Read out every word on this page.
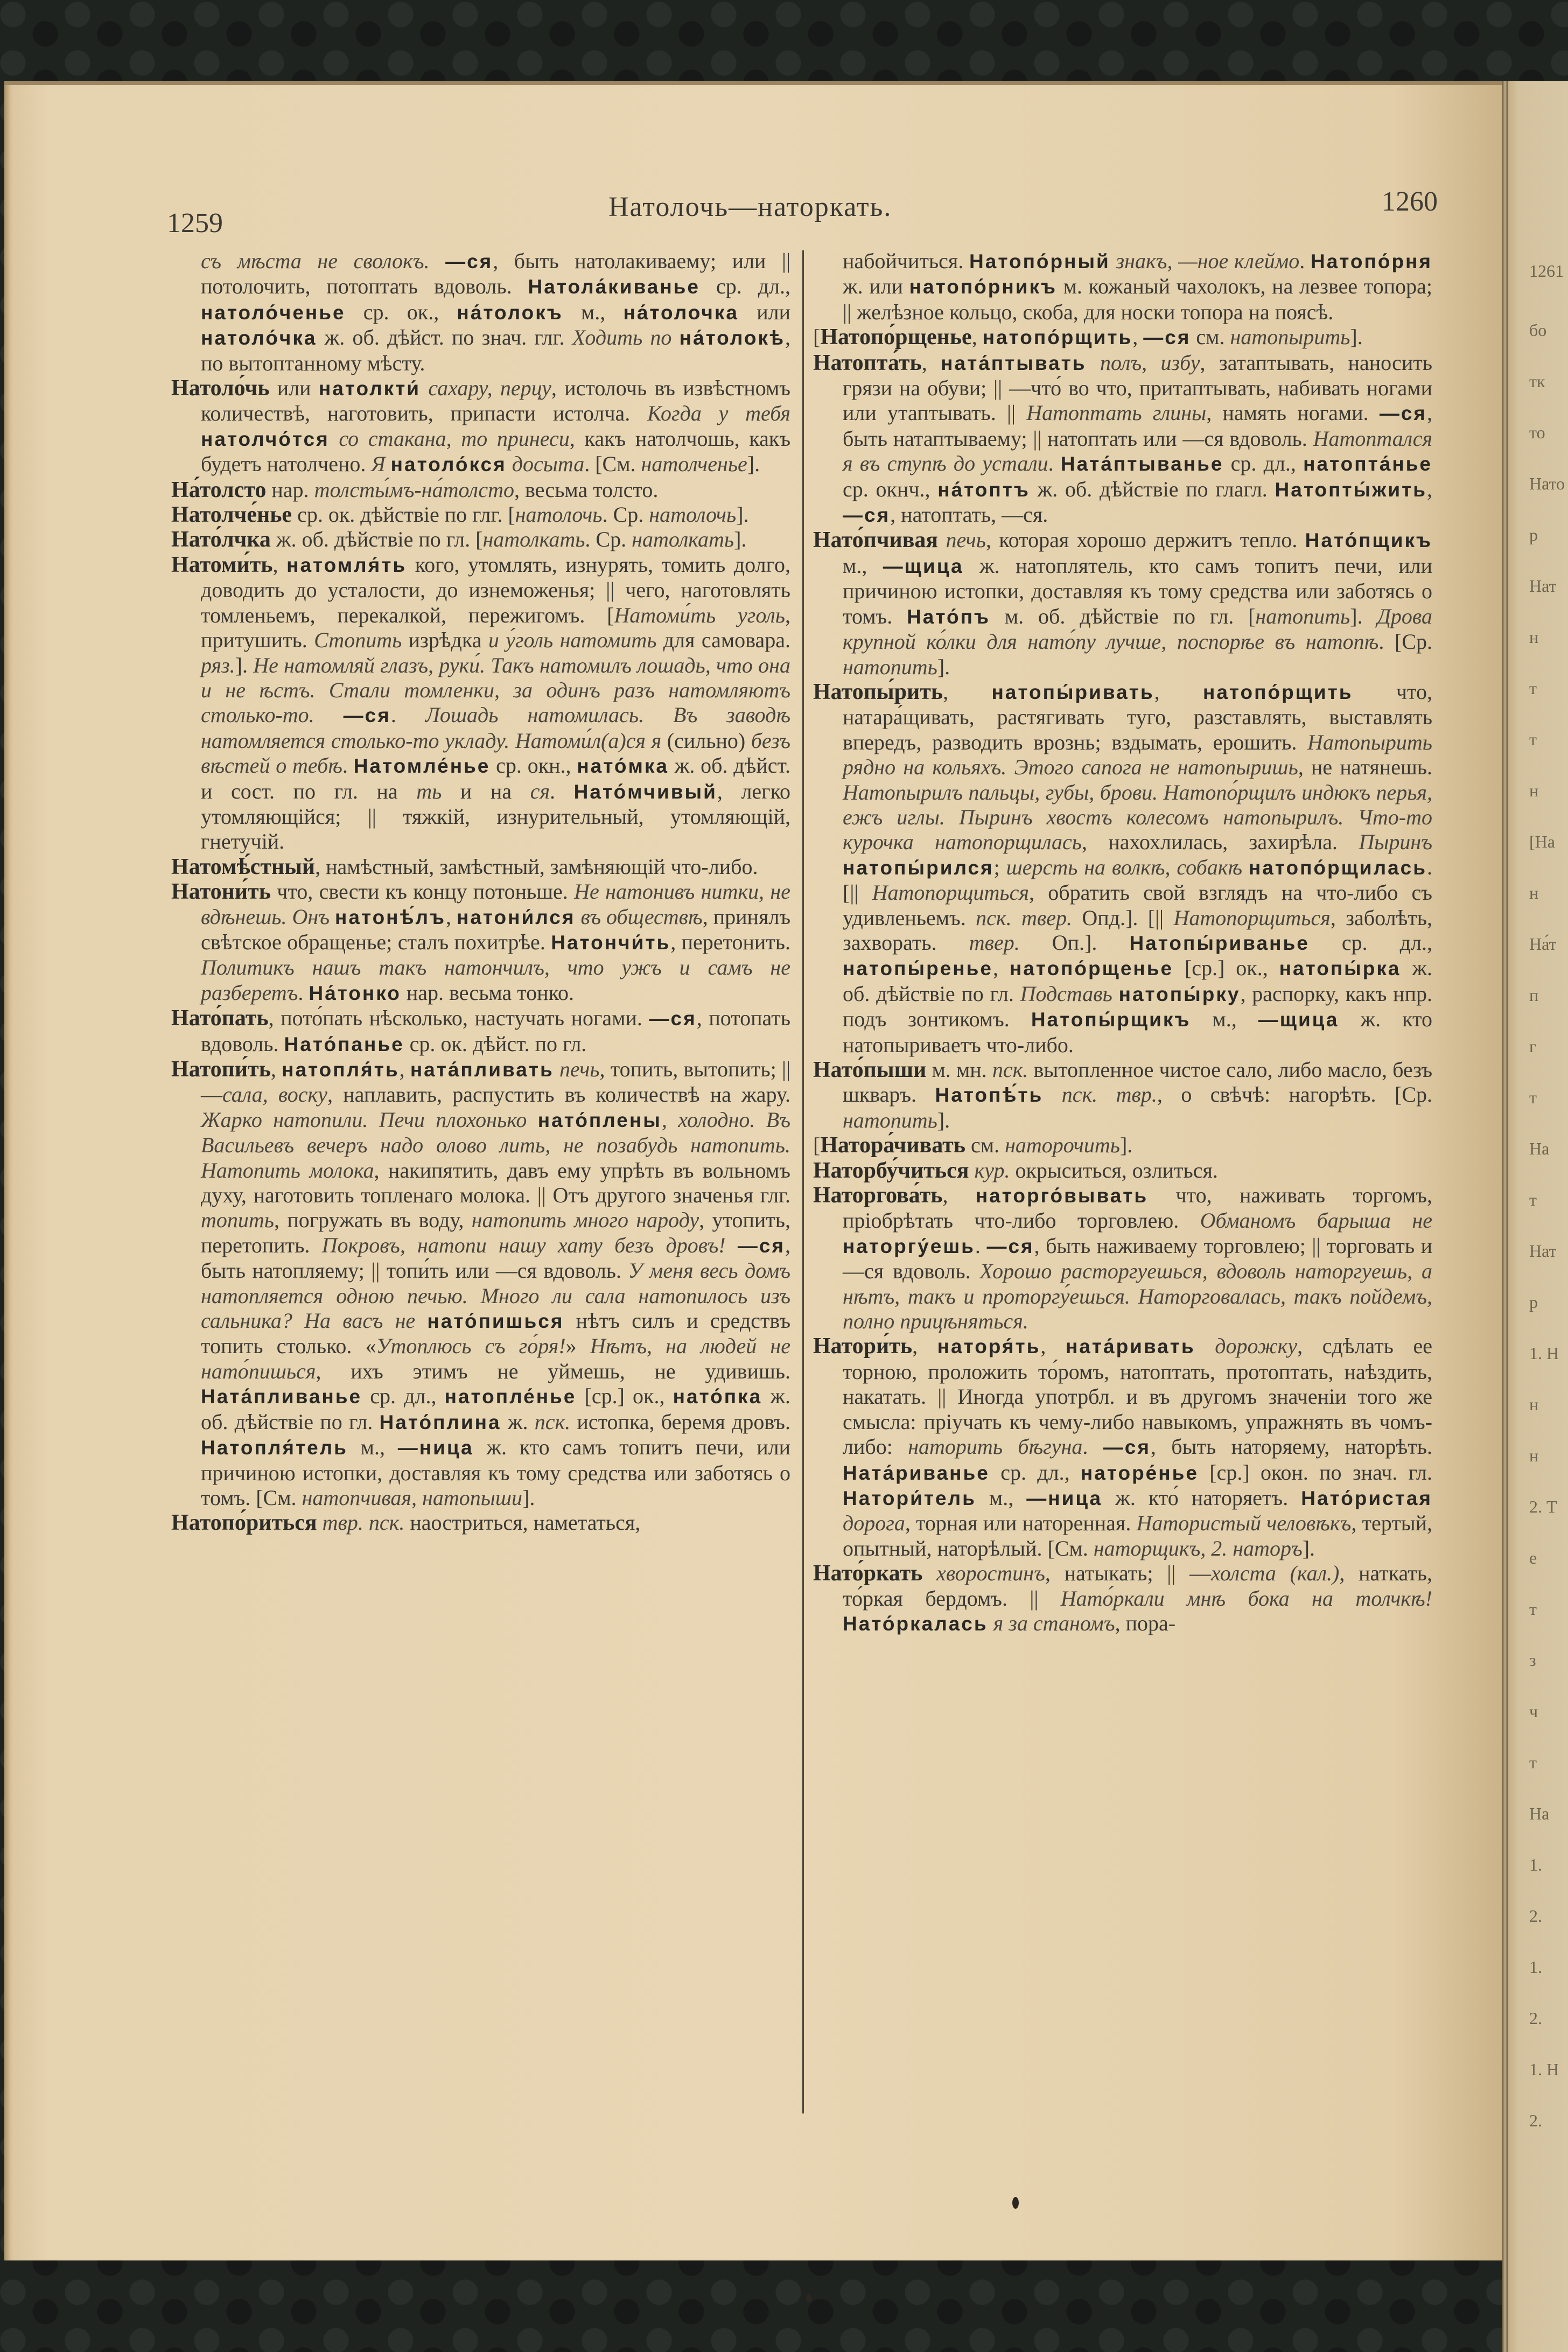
1261
бо
тк
то
Нато
р
Нат
н
т
т
н
[На
н
На́т
п
г
т
На
т
Нат
р
1. Н
н
н
2. Т
е
т
з
ч
т
На
1.
2.
1.
2.
1. Н
2.
1259
Натолочь—наторкать.	1260

съ мѣста не сволокъ. —ся, быть натолакиваему; или || потолочить, потоптать вдоволь. Натола́киванье ср. дл., натоло́ченье ср. ок., на́толокъ м., на́толочка или натоло́чка ж. об. дѣйст. по знач. глг. Ходить по на́толокѣ, по вытоптанному мѣсту.

Натоло́чь или натолкти́ сахару, перцу, истолочь въ извѣстномъ количествѣ, наготовить, припасти истолча. Когда у тебя натолчо́тся со стакана, то принеси, какъ натолчошь, какъ будетъ натолчено. Я натоло́кся досыта. [См. натолченье].

На́толсто нар. толсты́мъ-на́толсто, весьма толсто.

Натолче́нье ср. ок. дѣйствіе по глг. [натолочь. Ср. натолочь].

Нато́лчка ж. об. дѣйствіе по гл. [натолкать. Ср. натолкать].

Натоми́ть, натомля́ть кого, утомлять, изнурять, томить долго, доводить до усталости, до изнеможенья; || чего, наготовлять томленьемъ, перекалкой, пережигомъ. [Натоми́ть уголь, притушить. Стопить изрѣдка и у́голь натомить для самовара. ряз.]. Не натомляй глазъ, руки́. Такъ натомилъ лошадь, что она и не ѣстъ. Стали томленки, за одинъ разъ натомляютъ столько-то. —ся. Лошадь натомилась. Въ заводѣ натомляется столько-то укладу. Натоми́л(а)ся я (сильно) безъ вѣстей о тебѣ. Натомле́нье ср. окн., нато́мка ж. об. дѣйст. и сост. по гл. на ть и на ся. Нато́мчивый, легко утомляющійся; || тяжкій, изнурительный, утомляющій, гнетучій.

Натомѣ́стный, намѣстный, замѣстный, замѣняющій что-либо.

Натони́ть что, свести къ концу потоньше. Не натонивъ нитки, не вдѣнешь. Онъ натонѣ́лъ, натони́лся въ обществѣ, принялъ свѣтское обращенье; сталъ похитрѣе. Натончи́ть, перетонить. Политикъ нашъ такъ натончилъ, что ужъ и самъ не разберетъ. На́тонко нар. весьма тонко.

Нато́пать, пото́пать нѣсколько, настучать ногами. —ся, потопать вдоволь. Нато́панье ср. ок. дѣйст. по гл.

Натопи́ть, натопля́ть, ната́пливать печь, топить, вытопить; || —сала, воску, наплавить, распустить въ количествѣ на жару. Жарко натопили. Печи плохонько нато́плены, холодно. Въ Васильевъ вечеръ надо олово лить, не позабудь натопить. Натопить молока, накипятить, давъ ему упрѣть въ вольномъ духу, наготовить топленаго молока. || Отъ другого значенья глг. топить, погружать въ воду, натопить много народу, утопить, перетопить. Покровъ, натопи нашу хату безъ дровъ! —ся, быть натопляему; || топи́ть или —ся вдоволь. У меня весь домъ натопляется одною печью. Много ли сала натопилось изъ сальника? На васъ не нато́пишься нѣтъ силъ и средствъ топить столько. «Утоплюсь съ го́ря!» Нѣтъ, на людей не нато́пишься, ихъ этимъ не уймешь, не удивишь. Ната́пливанье ср. дл., натопле́нье [ср.] ок., нато́пка ж. об. дѣйствіе по гл. Нато́плина ж. пск. истопка, беремя дровъ. Натопля́тель м., —ница ж. кто самъ топитъ печи, или причиною истопки, доставляя къ тому средства или заботясь о томъ. [См. натопчивая, натопыши].

Натопо́риться твр. пск. наостриться, наметаться,

набойчиться. Натопо́рный знакъ, —ное клеймо. Натопо́рня ж. или натопо́рникъ м. кожаный чахолокъ, на лезвее топора; || желѣзное кольцо, скоба, для носки топора на поясѣ.

[Натопо́рщенье, натопо́рщить, —ся см. натопырить].

Натопта́ть, ната́птывать полъ, избу, затаптывать, наносить грязи на обуви; || —что́ во что, притаптывать, набивать ногами или утаптывать. || Натоптать глины, намять ногами. —ся, быть натаптываему; || натоптать или —ся вдоволь. Натоптался я въ ступѣ до устали. Ната́птыванье ср. дл., натопта́нье ср. окнч., на́топтъ ж. об. дѣйствіе по глагл. Натопты́жить, —ся, натоптать, —ся.

Нато́пчивая печь, которая хорошо держитъ тепло. Нато́пщикъ м., —щица ж. натоплятель, кто самъ топитъ печи, или причиною истопки, доставляя къ тому средства или заботясь о томъ. Нато́пъ м. об. дѣйствіе по гл. [натопить]. Дрова крупной ко́лки для нато́пу лучше, поспорѣе въ натопѣ. [Ср. натопить].

Натопы́рить, натопы́ривать, натопо́рщить что, натара́щивать, растягивать туго, разставлять, выставлять впередъ, разводить врознь; вздымать, ерошить. Натопырить рядно на кольяхъ. Этого сапога не натопыришь, не натянешь. Натопырилъ пальцы, губы, брови. Натопо́рщилъ индюкъ перья, ежъ иглы. Пыринъ хвостъ колесомъ натопырилъ. Что-то курочка натопорщилась, нахохлилась, захирѣла. Пыринъ натопы́рился; шерсть на волкѣ, собакѣ натопо́рщилась. [|| Натопорщиться, обратить свой взглядъ на что-либо съ удивленьемъ. пск. твер. Опд.]. [|| Натопорщиться, заболѣть, захворать. твер. Оп.]. Натопы́риванье ср. дл., натопы́ренье, натопо́рщенье [ср.] ок., натопы́рка ж. об. дѣйствіе по гл. Подставь натопы́рку, распорку, какъ нпр. подъ зонтикомъ. Натопы́рщикъ м., —щица ж. кто натопыриваетъ что-либо.

Нато́пыши м. мн. пск. вытопленное чистое сало, либо масло, безъ шкваръ. Натопѣ́ть пск. твр., о свѣчѣ: нагорѣть. [Ср. натопить].

[Натора́чивать см. наторочить].

Наторбу́читься кур. окрыситься, озлиться.

Наторгова́ть, наторго́вывать что, наживать торгомъ, пріобрѣтать что-либо торговлею. Обманомъ барыша не наторгу́ешь. —ся, быть наживаему торговлею; || торговать и —ся вдоволь. Хорошо расторгуешься, вдоволь наторгуешь, а нѣтъ, такъ и проторгу́ешься. Наторговалась, такъ пойдемъ, полно прицѣняться.

Натори́ть, наторя́ть, ната́ривать дорожку, сдѣлать ее торною, проложить то́ромъ, натоптать, протоптать, наѣздить, накатать. || Иногда употрбл. и въ другомъ значеніи того же смысла: пріучать къ чему-либо навыкомъ, упражнять въ чомъ-либо: наторить бѣгуна. —ся, быть наторяему, наторѣть. Ната́риванье ср. дл., наторе́нье [ср.] окон. по знач. гл. Натори́тель м., —ница ж. кто́ наторяетъ. Нато́ристая дорога, торная или наторенная. Натористый человѣкъ, тертый, опытный, наторѣлый. [См. наторщикъ, 2. наторъ].

Нато́ркать хворостинъ, натыкать; || —холста (кал.), наткать, то́ркая бердомъ. || Нато́ркали мнѣ бока на толчкѣ! Нато́ркалась я за станомъ, пора-
